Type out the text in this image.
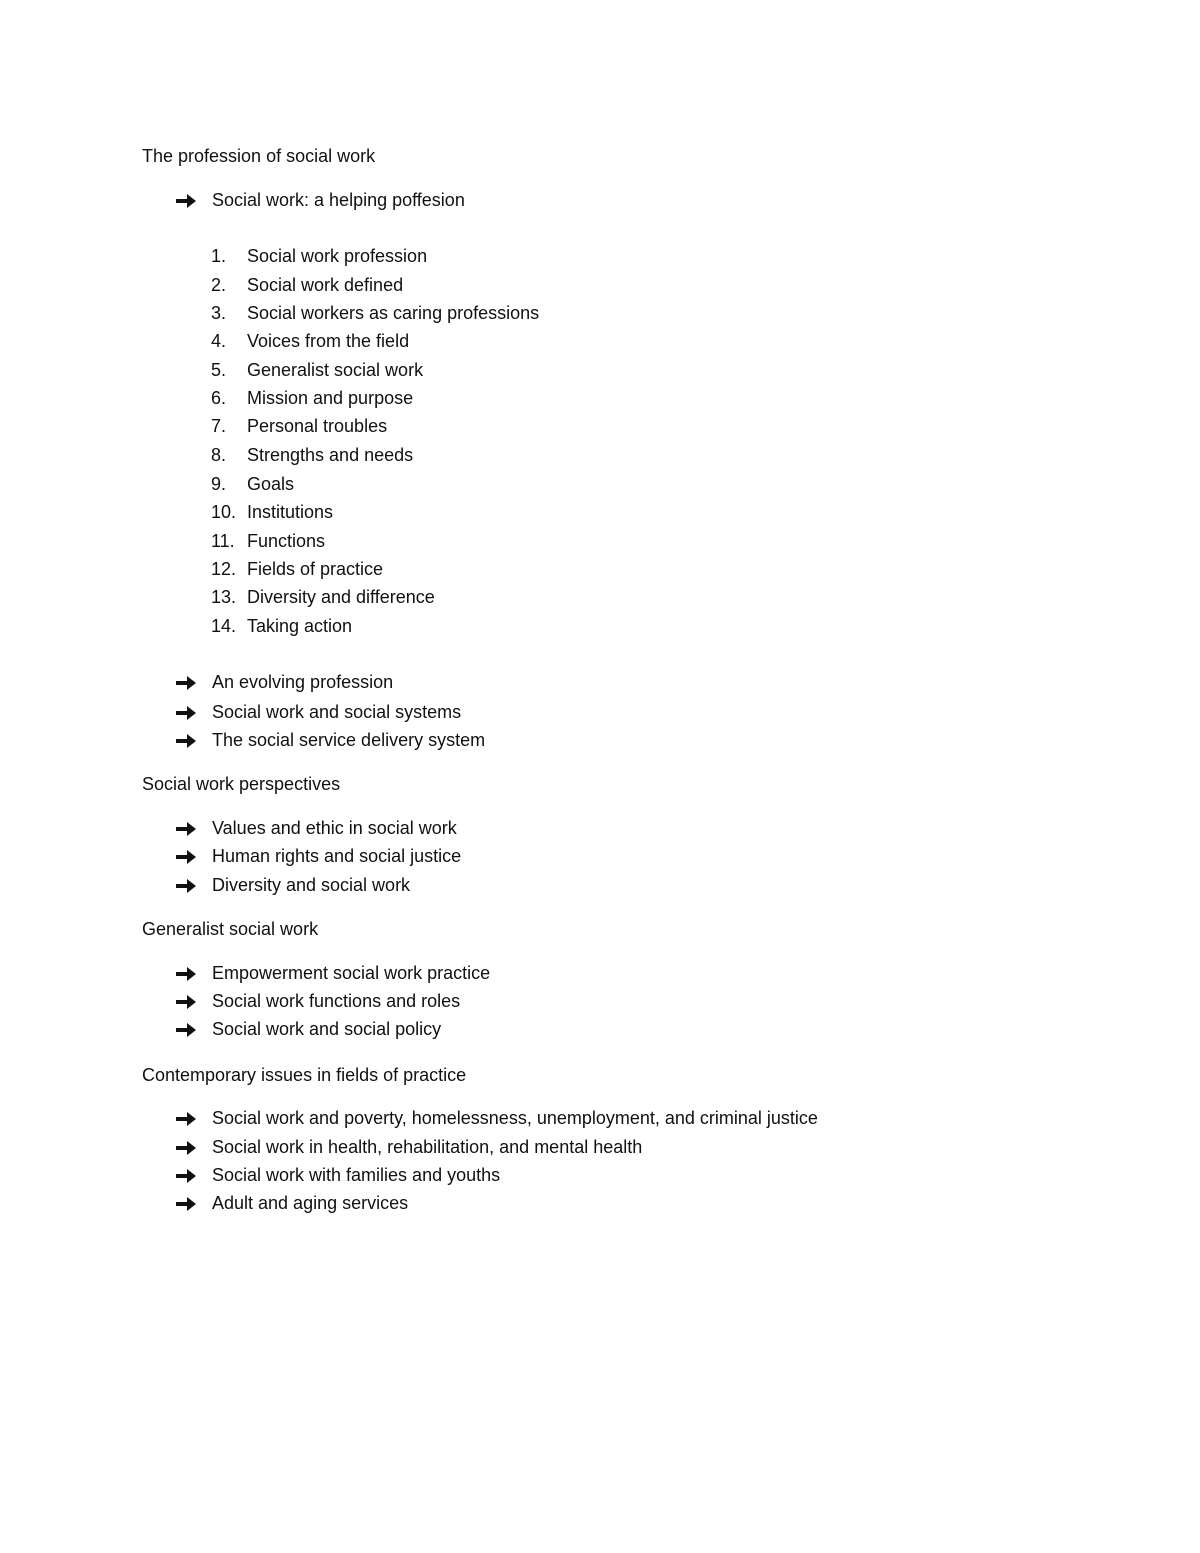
The profession of social work
Social work: a helping poffesion
1. Social work profession
2. Social work defined
3. Social workers as caring professions
4. Voices from the field
5. Generalist social work
6. Mission and purpose
7. Personal troubles
8. Strengths and needs
9. Goals
10. Institutions
11. Functions
12. Fields of practice
13. Diversity and difference
14. Taking action
An evolving profession
Social work and social systems
The social service delivery system
Social work perspectives
Values and ethic in social work
Human rights and social justice
Diversity and social work
Generalist social work
Empowerment social work practice
Social work functions and roles
Social work and social policy
Contemporary issues in fields of practice
Social work and poverty, homelessness, unemployment, and criminal justice
Social work in health, rehabilitation, and mental health
Social work with families and youths
Adult and aging services
